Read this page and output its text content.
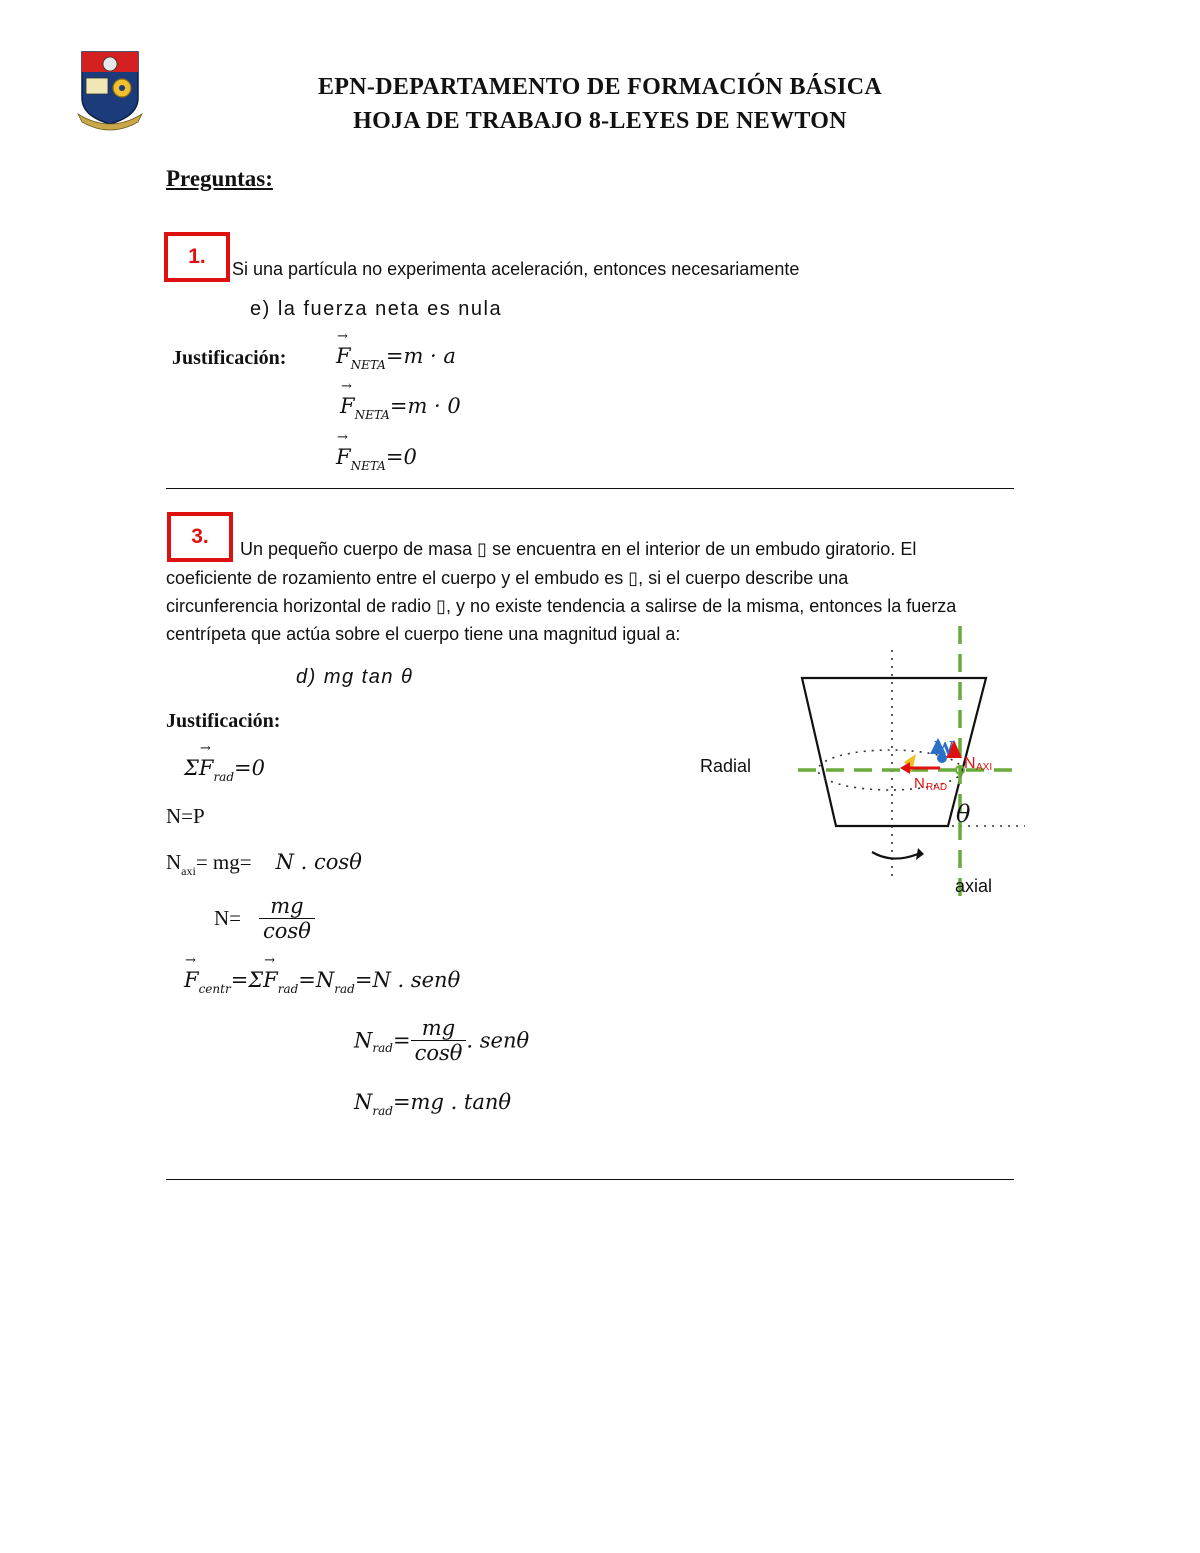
EPN-DEPARTAMENTO DE FORMACIÓN BÁSICA
HOJA DE TRABAJO 8-LEYES DE NEWTON
Preguntas:
1.
Si una partícula no experimenta aceleración, entonces necesariamente
e) la fuerza neta es nula
Justificación:
→ $F_{NETA}=m \cdot a$
→ $F_{NETA}=m \cdot 0$
→ $F_{NETA}=0$
3.
Un pequeño cuerpo de masa ▯ se encuentra en el interior de un embudo giratorio. El
coeficiente de rozamiento entre el cuerpo y el embudo es ▯, si el cuerpo describe una
circunferencia horizontal de radio ▯, y no existe tendencia a salirse de la misma, entonces la fuerza
centrípeta que actúa sobre el cuerpo tiene una magnitud igual a:
d) mg tan θ
Justificación:
$\Sigma\to F_{rad}=0$
N=P
$N_{axi}= mg= N$ . cosθ
$N= \frac{mg}{\cos\theta}$
→ $F_{centr}=\Sigma\to F_{rad}=N_{rad}=N$ . senθ
$N_{rad}= \frac{mg}{\cos\theta}$ . senθ
$N_{rad}=mg$ . tanθ
W
N AXI
N RAD
θ
Radial
axial
